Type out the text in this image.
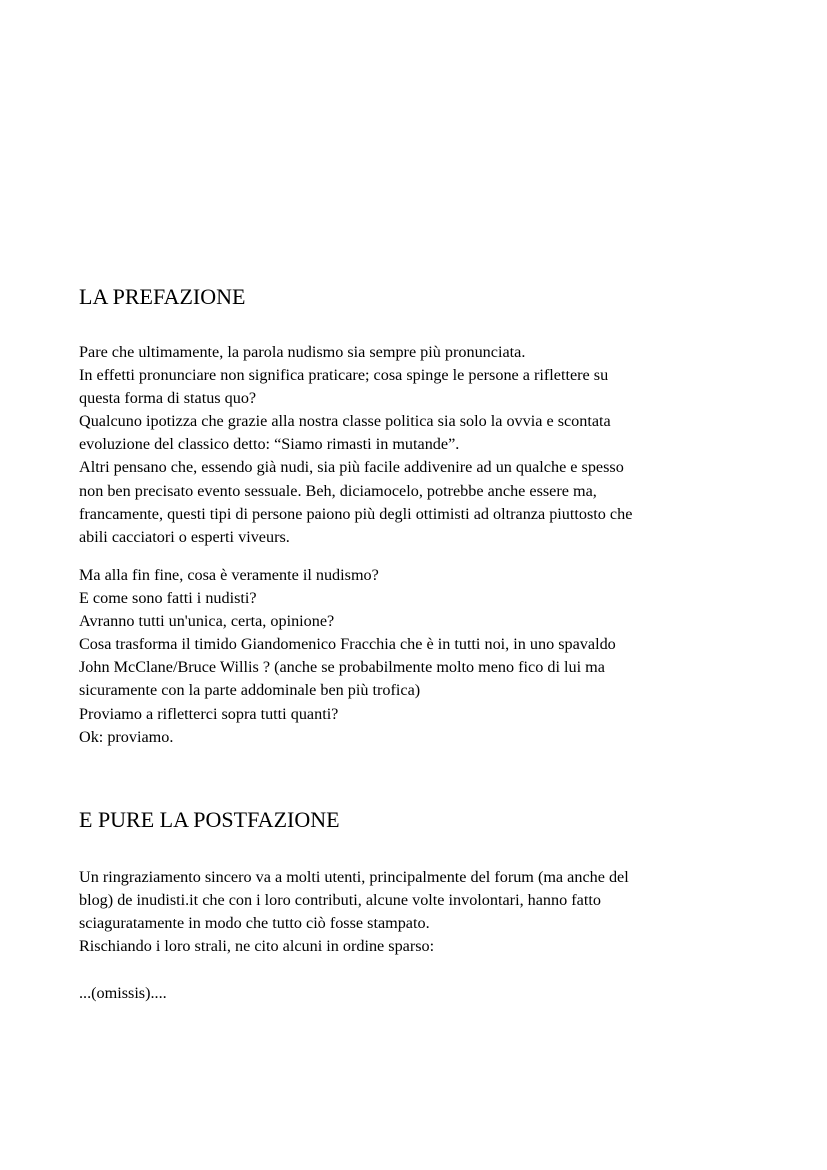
LA PREFAZIONE
Pare che ultimamente, la parola nudismo sia sempre più pronunciata.
In effetti pronunciare non significa praticare; cosa spinge le persone a riflettere su
questa forma di status quo?
Qualcuno ipotizza che grazie alla nostra classe politica sia solo la ovvia e scontata
evoluzione del classico detto: “Siamo rimasti in mutande”.
Altri pensano che, essendo già nudi, sia più facile addivenire ad un qualche e spesso
non ben precisato evento sessuale. Beh, diciamocelo, potrebbe anche essere ma,
francamente, questi tipi di persone paiono più degli ottimisti ad oltranza piuttosto che
abili cacciatori o esperti viveurs.
Ma alla fin fine, cosa è veramente il nudismo?
E come sono fatti i nudisti?
Avranno tutti un'unica, certa, opinione?
Cosa trasforma il timido Giandomenico Fracchia che è in tutti noi, in uno spavaldo
John McClane/Bruce Willis ? (anche se probabilmente molto meno fico di lui ma
sicuramente con la parte addominale ben più trofica)
Proviamo a rifletterci sopra tutti quanti?
Ok: proviamo.
E PURE LA POSTFAZIONE
Un ringraziamento sincero va a molti utenti, principalmente del forum (ma anche del
blog) de inudisti.it che con i loro contributi, alcune volte involontari, hanno fatto
sciaguratamente in modo che tutto ciò fosse stampato.
Rischiando i loro strali, ne cito alcuni in ordine sparso:
...(omissis)....
